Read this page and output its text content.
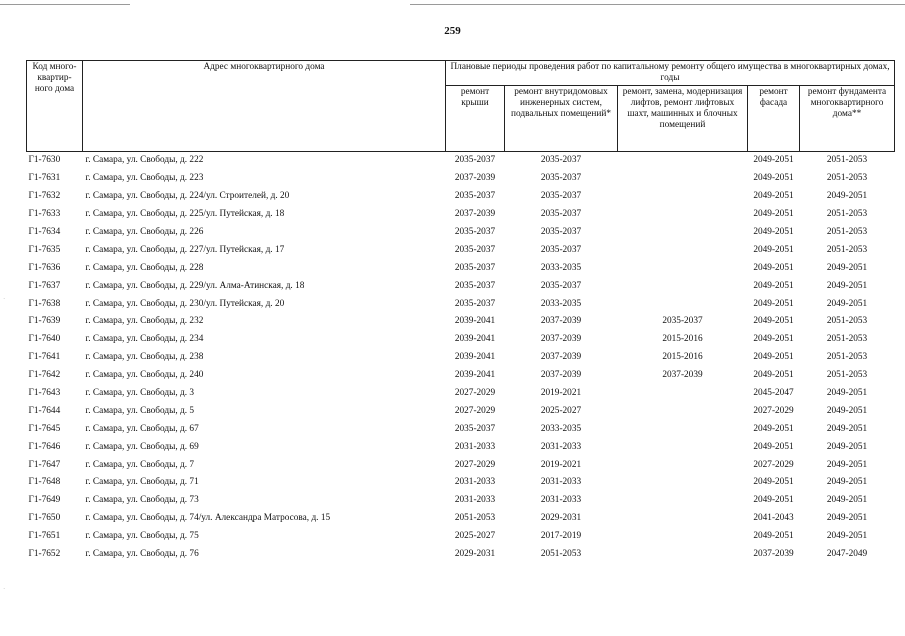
259
Код много-квартир-ного дома	Адрес многоквартирного дома	Плановые периоды проведения работ по капитальному ремонту общего имущества в многоквартирных домах, годы				
		ремонт крыши	ремонт внутридомовых инженерных систем, подвальных помещений*	ремонт, замена, модернизация лифтов, ремонт лифтовых шахт, машинных и блочных помещений	ремонт фасада	ремонт фундамента многоквартирного дома**
Г1-7630	г. Самара, ул. Свободы, д. 222	2035-2037	2035-2037		2049-2051	2051-2053
Г1-7631	г. Самара, ул. Свободы, д. 223	2037-2039	2035-2037		2049-2051	2051-2053
Г1-7632	г. Самара, ул. Свободы, д. 224/ул. Строителей, д. 20	2035-2037	2035-2037		2049-2051	2049-2051
Г1-7633	г. Самара, ул. Свободы, д. 225/ул. Путейская, д. 18	2037-2039	2035-2037		2049-2051	2051-2053
Г1-7634	г. Самара, ул. Свободы, д. 226	2035-2037	2035-2037		2049-2051	2051-2053
Г1-7635	г. Самара, ул. Свободы, д. 227/ул. Путейская, д. 17	2035-2037	2035-2037		2049-2051	2051-2053
Г1-7636	г. Самара, ул. Свободы, д. 228	2035-2037	2033-2035		2049-2051	2049-2051
Г1-7637	г. Самара, ул. Свободы, д. 229/ул. Алма-Атинская, д. 18	2035-2037	2035-2037		2049-2051	2049-2051
Г1-7638	г. Самара, ул. Свободы, д. 230/ул. Путейская, д. 20	2035-2037	2033-2035		2049-2051	2049-2051
Г1-7639	г. Самара, ул. Свободы, д. 232	2039-2041	2037-2039	2035-2037	2049-2051	2051-2053
Г1-7640	г. Самара, ул. Свободы, д. 234	2039-2041	2037-2039	2015-2016	2049-2051	2051-2053
Г1-7641	г. Самара, ул. Свободы, д. 238	2039-2041	2037-2039	2015-2016	2049-2051	2051-2053
Г1-7642	г. Самара, ул. Свободы, д. 240	2039-2041	2037-2039	2037-2039	2049-2051	2051-2053
Г1-7643	г. Самара, ул. Свободы, д. 3	2027-2029	2019-2021		2045-2047	2049-2051
Г1-7644	г. Самара, ул. Свободы, д. 5	2027-2029	2025-2027		2027-2029	2049-2051
Г1-7645	г. Самара, ул. Свободы, д. 67	2035-2037	2033-2035		2049-2051	2049-2051
Г1-7646	г. Самара, ул. Свободы, д. 69	2031-2033	2031-2033		2049-2051	2049-2051
Г1-7647	г. Самара, ул. Свободы, д. 7	2027-2029	2019-2021		2027-2029	2049-2051
Г1-7648	г. Самара, ул. Свободы, д. 71	2031-2033	2031-2033		2049-2051	2049-2051
Г1-7649	г. Самара, ул. Свободы, д. 73	2031-2033	2031-2033		2049-2051	2049-2051
Г1-7650	г. Самара, ул. Свободы, д. 74/ул. Александра Матросова, д. 15	2051-2053	2029-2031		2041-2043	2049-2051
Г1-7651	г. Самара, ул. Свободы, д. 75	2025-2027	2017-2019		2049-2051	2049-2051
Г1-7652	г. Самара, ул. Свободы, д. 76	2029-2031	2051-2053		2037-2039	2047-2049
·
·
